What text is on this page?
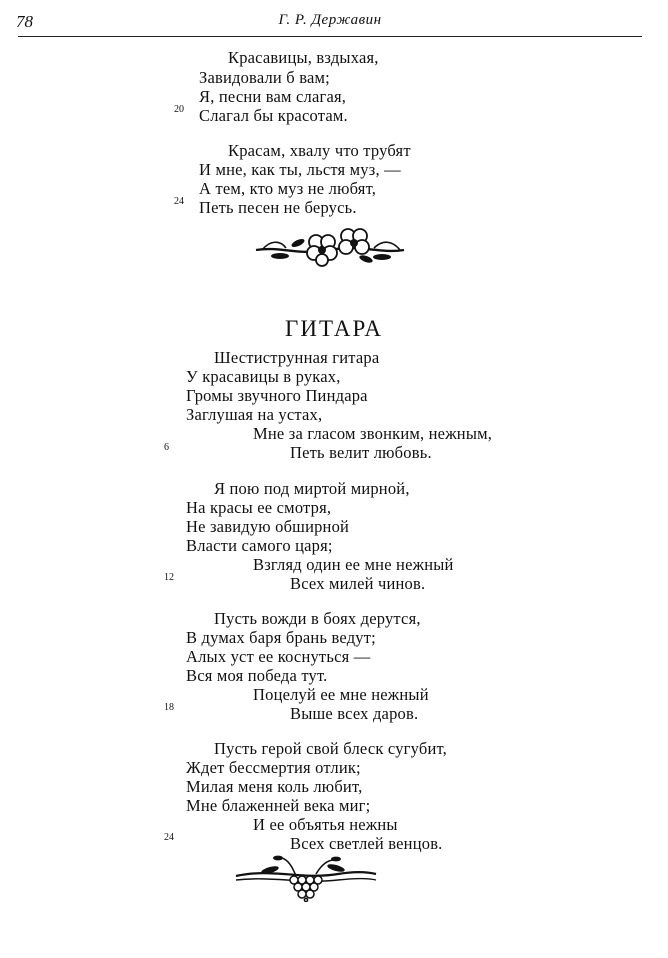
78	Г. Р. Державин
Красавицы, вздыхая,
Завидовали б вам;
Я, песни вам слагая,
Слагал бы красотам.
20
Красам, хвалу что трубят
И мне, как ты, льстя муз, —
А тем, кто муз не любят,
Петь песен не берусь.
24
ГИТАРА
Шестиструнная гитара
У красавицы в руках,
Громы звучного Пиндара
Заглушая на устах,
Мне за гласом звонким, нежным,
Петь велит любовь.
6
Я пою под миртой мирной,
На красы ее смотря,
Не завидую обширной
Власти самого царя;
Взгляд один ее мне нежный
Всех милей чинов.
12
Пусть вожди в боях дерутся,
В думах баря брань ведут;
Алых уст ее коснуться —
Вся моя победа тут.
Поцелуй ее мне нежный
Выше всех даров.
18
Пусть герой свой блеск сугубит,
Ждет бессмертия отлик;
Милая меня коль любит,
Мне блаженней века миг;
И ее объятья нежны
Всех светлей венцов.
24
